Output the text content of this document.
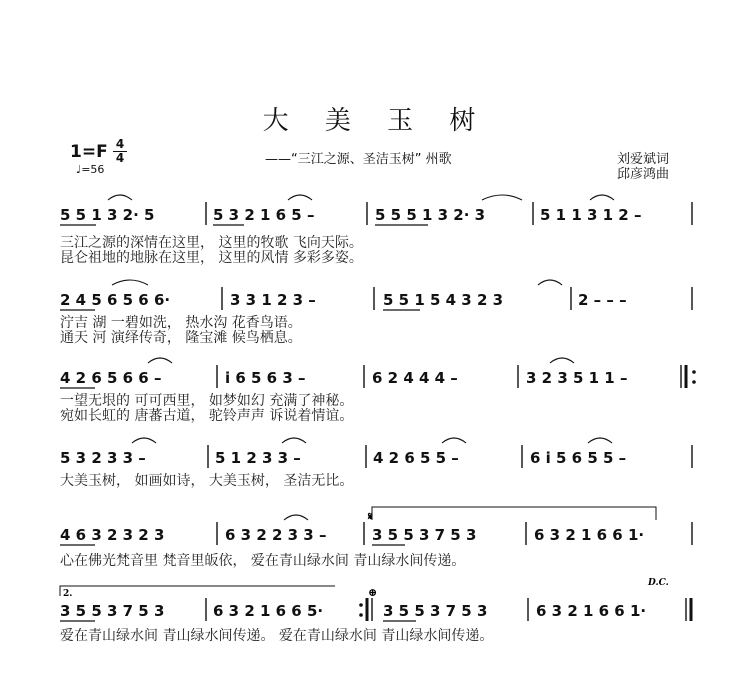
大 美 玉 树
1=F 4
4
♩=56
——“三江之源、圣洁玉树” 州歌	刘爱斌词
邱彦鸿曲
5 5 1 3 2· 5	5 3 2 1 6 5 –	5 5 5 1 3 2· 3	5 1 1 3 1 2 –
三江之源的深情在这里， 这里的牧歌 飞向天际。
昆仑祖地的地脉在这里， 这里的风情 多彩多姿。
2 4 5 6 5 6 6·	3 3 1 2 3 –	5 5 1 5 4 3 2 3	2 – – –
泞吉 湖 一碧如洗， 热水沟 花香鸟语。
通天 河 演绎传奇， 隆宝滩 候鸟栖息。
4 2 6 5 6 6 –	i 6 5 6 3 –	6 2 4 4 4 –	3 2 3 5 1 1 –
一望无垠的 可可西里， 如梦如幻 充满了神秘。
宛如长虹的 唐蕃古道， 驼铃声声 诉说着情谊。
5 3 2 3 3 –	5 1 2 3 3 –	4 2 6 5 5 –	6 i 5 6 5 5 –
大美玉树， 如画如诗， 大美玉树， 圣洁无比。
𝄋
4 6 3 2 3 2 3	6 3 2 2 3 3 –	3 5 5 3 7 5 3	6 3 2 1 6 6 1·
心在佛光梵音里 梵音里皈依， 爱在青山绿水间 青山绿水间传递。
D.C.
2.	⊕
3 5 5 3 7 5 3	6 3 2 1 6 6 5·	3 5 5 3 7 5 3	6 3 2 1 6 6 1·
爱在青山绿水间 青山绿水间传递。 爱在青山绿水间 青山绿水间传递。
